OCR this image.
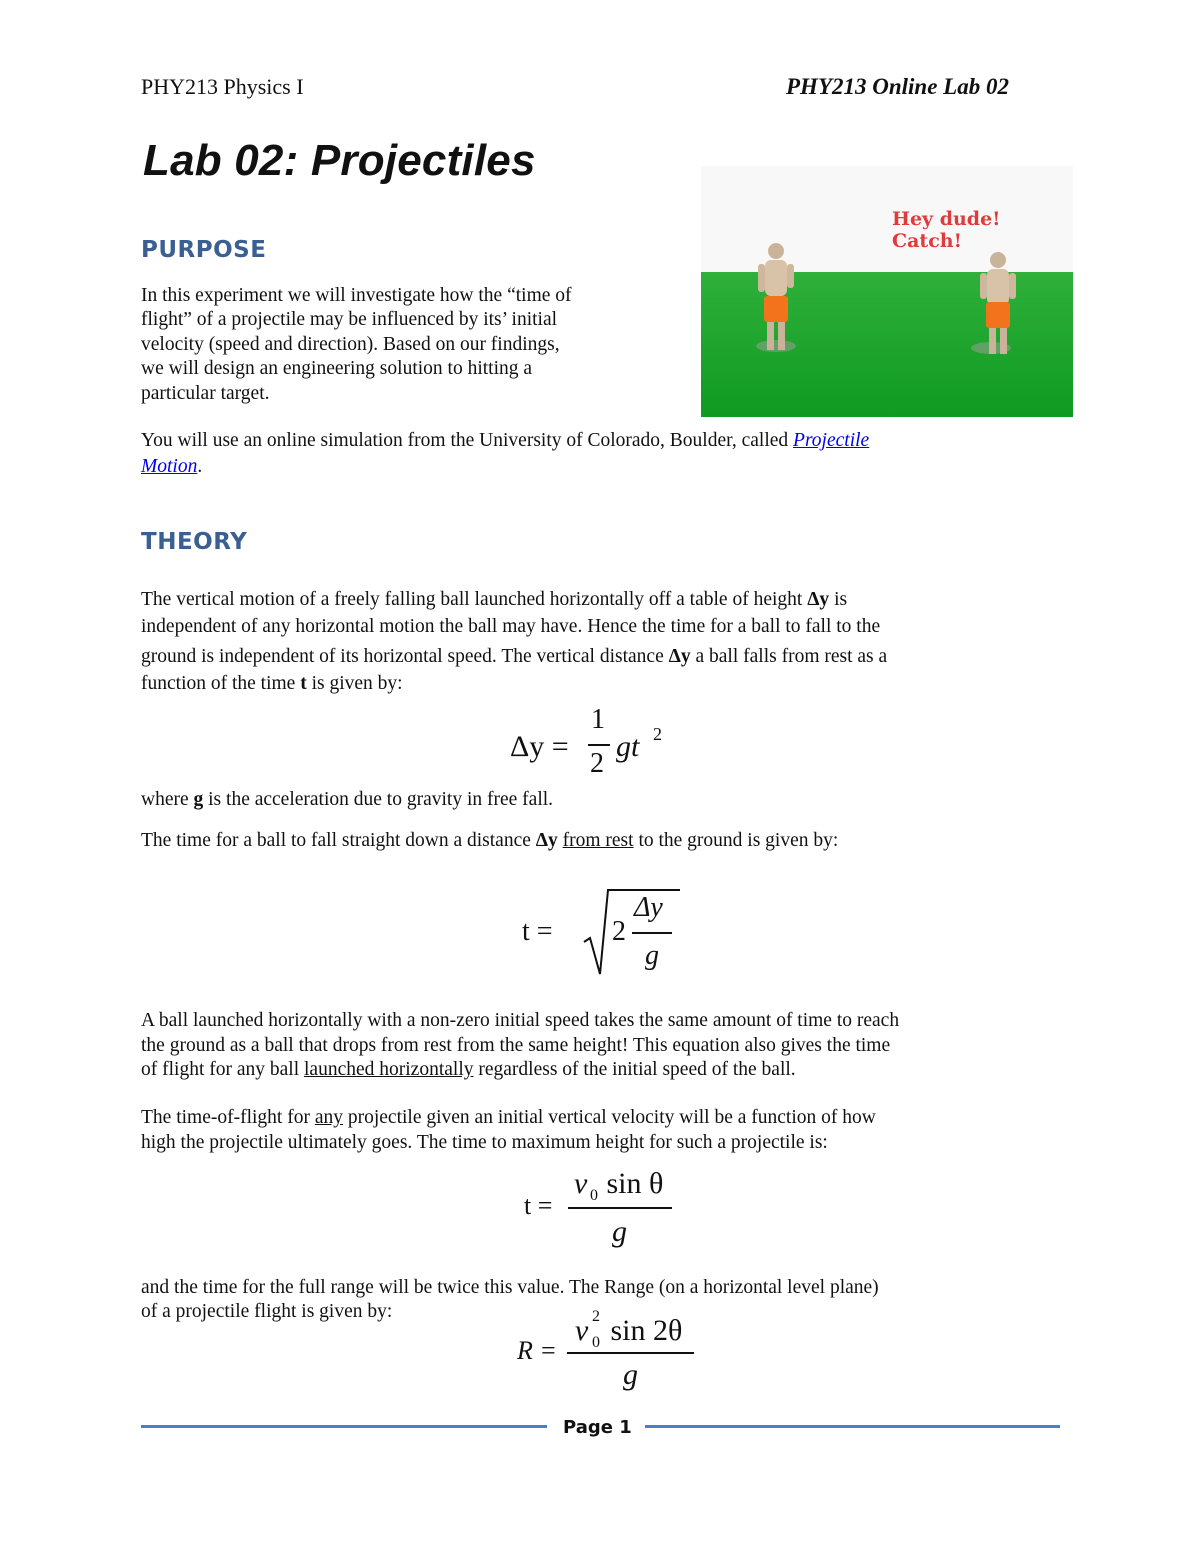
PHY213 Physics I	PHY213 Online Lab 02
Lab 02: Projectiles
PURPOSE
In this experiment we will investigate how the “time of
flight” of a projectile may be influenced by its’ initial
velocity (speed and direction). Based on our findings,
we will design an engineering solution to hitting a
particular target.
Hey dude!
Catch!
You will use an online simulation from the University of Colorado, Boulder, called Projectile
Motion.
THEORY
The vertical motion of a freely falling ball launched horizontally off a table of height Δy is
independent of any horizontal motion the ball may have. Hence the time for a ball to fall to the
ground is independent of its horizontal speed. The vertical distance Δy a ball falls from rest as a
function of the time t is given by:
Δy =
1
2
gt 2
where g is the acceleration due to gravity in free fall.
The time for a ball to fall straight down a distance Δy from rest to the ground is given by:
t = 2
Δy
g
A ball launched horizontally with a non-zero initial speed takes the same amount of time to reach
the ground as a ball that drops from rest from the same height! This equation also gives the time
of flight for any ball launched horizontally regardless of the initial speed of the ball.
The time-of-flight for any projectile given an initial vertical velocity will be a function of how
high the projectile ultimately goes. The time to maximum height for such a projectile is:
t =
v 0 sin θ
g
and the time for the full range will be twice this value. The Range (on a horizontal level plane)
of a projectile flight is given by:
R =
v 2
0 sin 2θ
g
Page 1
